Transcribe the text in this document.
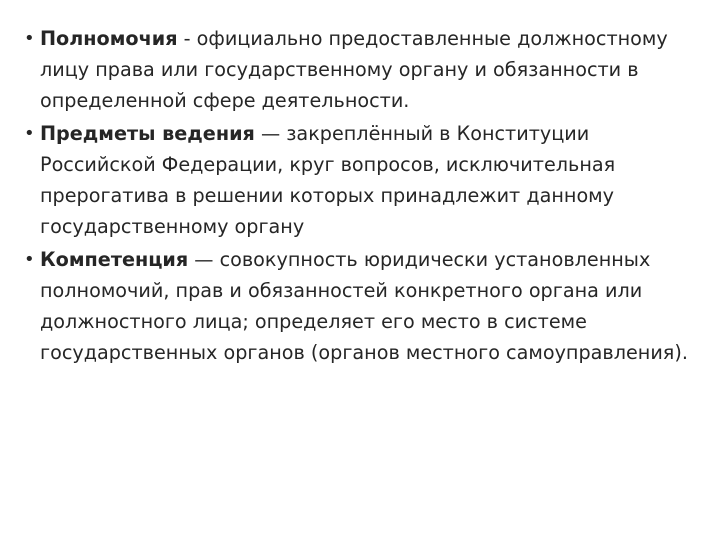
• Полномочия - официально предоставленные должностному лицу права или государственному органу и обязанности в определенной сфере деятельности.
• Предметы ведения — закреплённый в Конституции Российской Федерации, круг вопросов, исключительная прерогатива в решении которых принадлежит данному государственному органу
• Компетенция — совокупность юридически установленных полномочий, прав и обязанностей конкретного органа или должностного лица; определяет его место в системе государственных органов (органов местного самоуправления).
